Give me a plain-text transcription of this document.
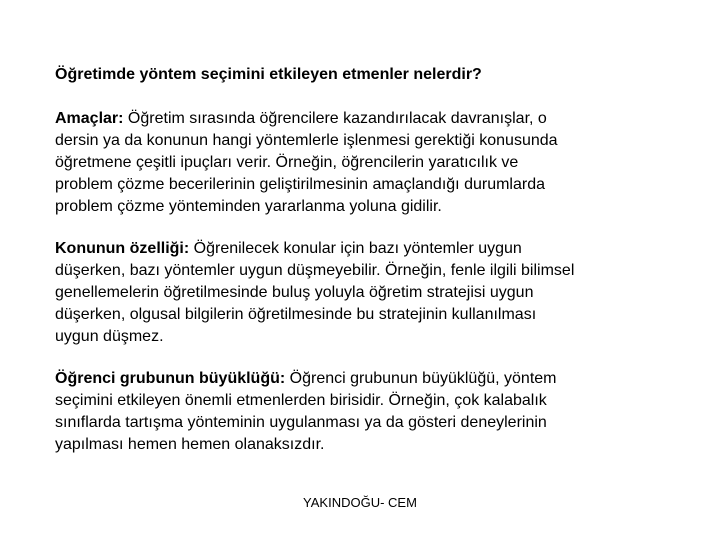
Öğretimde yöntem seçimini etkileyen etmenler nelerdir?

Amaçlar: Öğretim sırasında öğrencilere kazandırılacak davranışlar, o
dersin ya da konunun hangi yöntemlerle işlenmesi gerektiği konusunda
öğretmene çeşitli ipuçları verir. Örneğin, öğrencilerin yaratıcılık ve
problem çözme becerilerinin geliştirilmesinin amaçlandığı durumlarda
problem çözme yönteminden yararlanma yoluna gidilir.
Konunun özelliği: Öğrenilecek konular için bazı yöntemler uygun
düşerken, bazı yöntemler uygun düşmeyebilir. Örneğin, fenle ilgili bilimsel
genellemelerin öğretilmesinde buluş yoluyla öğretim stratejisi uygun
düşerken, olgusal bilgilerin öğretilmesinde bu stratejinin kullanılması
uygun düşmez.
Öğrenci grubunun büyüklüğü: Öğrenci grubunun büyüklüğü, yöntem
seçimini etkileyen önemli etmenlerden birisidir. Örneğin, çok kalabalık
sınıflarda tartışma yönteminin uygulanması ya da gösteri deneylerinin
yapılması hemen hemen olanaksızdır.
YAKINDOĞU- CEM
